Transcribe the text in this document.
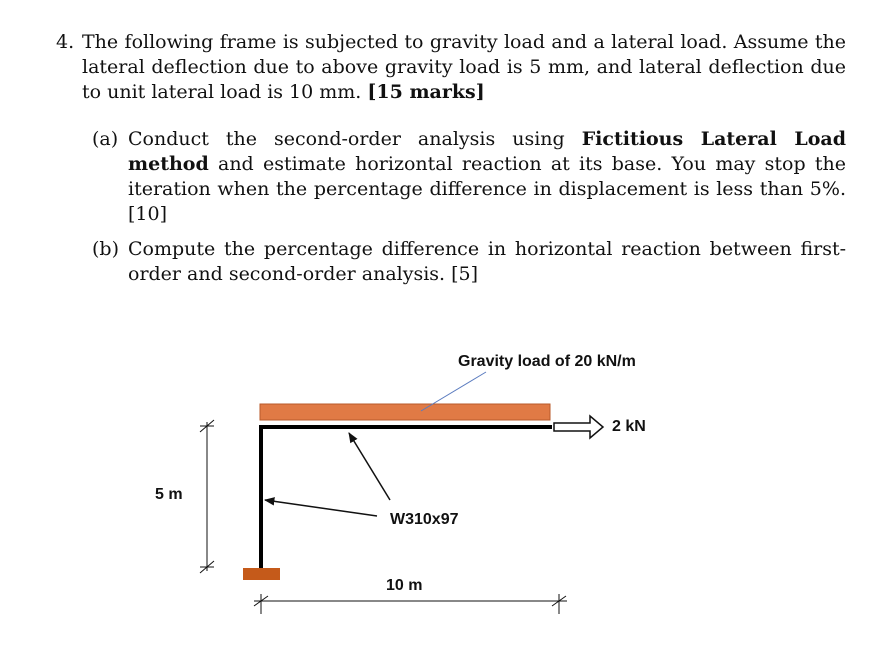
4. The following frame is subjected to gravity load and a lateral load. Assume the lateral deflection due to above gravity load is 5 mm, and lateral deflection due to unit lateral load is 10 mm. [15 marks]
(a) Conduct the second-order analysis using Fictitious Lateral Load method and estimate horizontal reaction at its base. You may stop the iteration when the percentage difference in displacement is less than 5%. [10]
(b) Compute the percentage difference in horizontal reaction between first-order and second-order analysis. [5]
2 kN
Gravity load of 20 kN/m
W310x97
5 m
10 m
